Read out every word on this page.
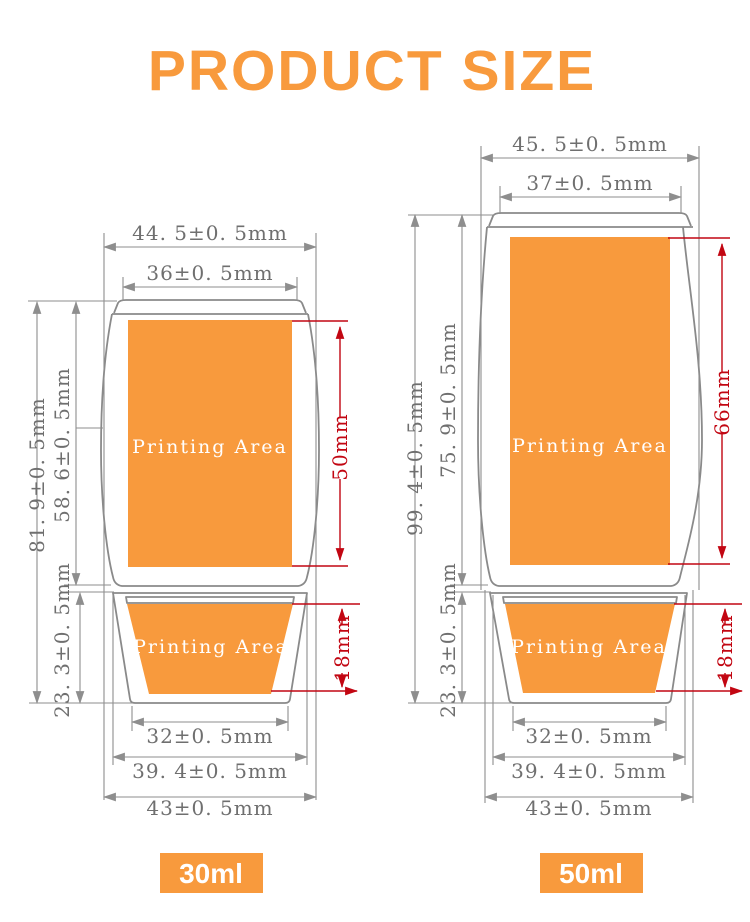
PRODUCT SIZE
Printing Area
Printing Area
44. 5±0. 5mm
36±0. 5mm
81. 9±0. 5mm 58. 6±0. 5mm	50mm
23. 3±0. 5mm	18mm
32±0. 5mm
39. 4±0. 5mm
43±0. 5mm
30ml
Printing Area
Printing Area
45. 5±0. 5mm
37±0. 5mm
99. 4±0. 5mm 75. 9±0. 5mm	66mm
23. 3±0. 5mm	18mm
32±0. 5mm
39. 4±0. 5mm
43±0. 5mm
50ml
